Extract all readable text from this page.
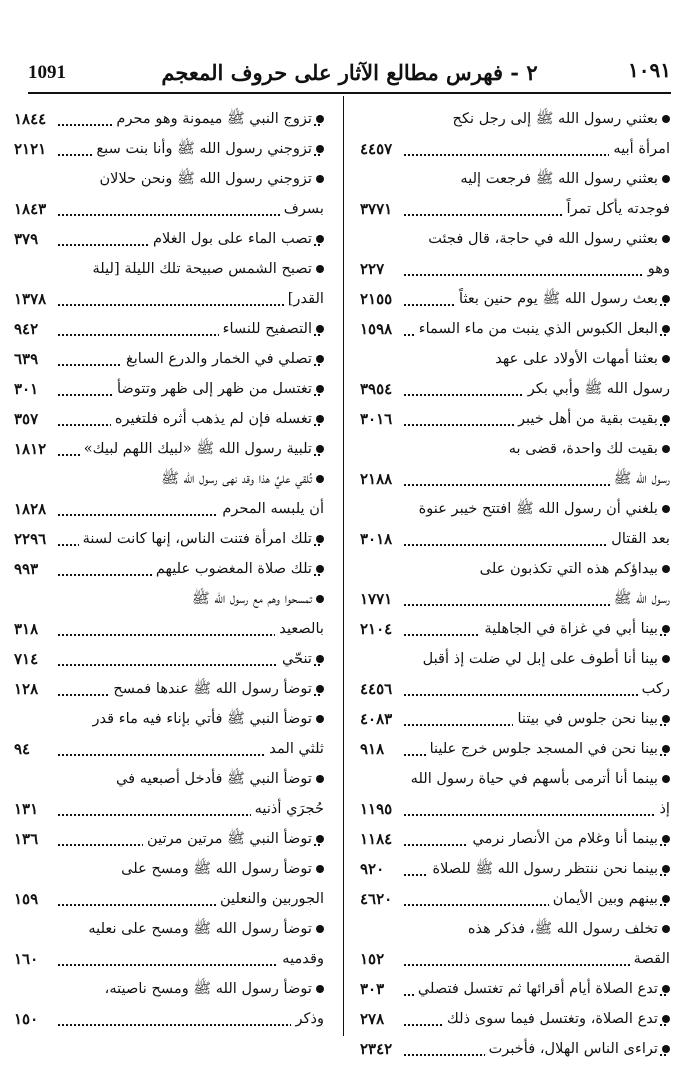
1091	٢ - فهرس مطالع الآثار على حروف المعجم	١٠٩١
بعثني رسول الله ﷺ إلى رجل نكح
امرأة أبيه
٤٤٥٧
بعثني رسول الله ﷺ فرجعت إليه
فوجدته يأكل تمراً
٣٧٧١
بعثني رسول الله في حاجة، قال فجئت
وهو
٢٢٧
بعث رسول الله ﷺ يوم حنين بعثاً
٢١٥٥
البعل الكبوس الذي ينبت من ماء السماء
١٥٩٨
بعثنا أمهات الأولاد على عهد
رسول الله ﷺ وأبي بكر
٣٩٥٤
بقيت بقية من أهل خيبر
٣٠١٦
بقيت لك واحدة، قضى به
رسول الله ﷺ
٢١٨٨
بلغني أن رسول الله ﷺ افتتح خيبر عنوة
بعد القتال
٣٠١٨
بيداؤكم هذه التي تكذبون على
رسول الله ﷺ
١٧٧١
بينا أبي في غزاة في الجاهلية
٢١٠٤
بينا أنا أطوف على إبل لي ضلت إذ أقبل
ركب
٤٤٥٦
بينا نحن جلوس في بيتنا
٤٠٨٣
بينا نحن في المسجد جلوس خرج علينا
٩١٨
بينما أنا أترمى بأسهم في حياة رسول الله
إذ
١١٩٥
بينما أنا وغلام من الأنصار نرمي
١١٨٤
بينما نحن ننتظر رسول الله ﷺ للصلاة
٩٢٠
بينهم وبين الأيمان
٤٦٢٠
تخلف رسول الله ﷺ، فذكر هذه
القصة
١٥٢
تدع الصلاة أيام أقرائها ثم تغتسل فتصلي
٣٠٣
تدع الصلاة، وتغتسل فيما سوى ذلك
٢٧٨
تراءى الناس الهلال، فأخبرت
٢٣٤٢
تزوج النبي ﷺ ميمونة وهو محرم
١٨٤٤
تزوجني رسول الله ﷺ وأنا بنت سبع
٢١٢١
تزوجني رسول الله ﷺ ونحن حلالان
بسرف
١٨٤٣
تصب الماء على بول الغلام
٣٧٩
تصبح الشمس صبيحة تلك الليلة [ليلة
القدر]
١٣٧٨
التصفيح للنساء
٩٤٢
تصلي في الخمار والدرع السابغ
٦٣٩
تغتسل من ظهر إلى ظهر وتتوضأ
٣٠١
تغسله فإن لم يذهب أثره فلتغيره
٣٥٧
تلبية رسول الله ﷺ «لبيك اللهم لبيك»
١٨١٢
تُلقي عليَّ هذا وقد نهى رسول الله ﷺ
أن يلبسه المحرم
١٨٢٨
تلك امرأة فتنت الناس، إنها كانت لسنة
٢٢٩٦
تلك صلاة المغضوب عليهم
٩٩٣
تمسحوا وهم مع رسول الله ﷺ
بالصعيد
٣١٨
تنحّي
٧١٤
توضأ رسول الله ﷺ عندها فمسح
١٢٨
توضأ النبي ﷺ فأتي بإناء فيه ماء قدر
ثلثي المد
٩٤
توضأ النبي ﷺ فأدخل أصبعيه في
حُجرَي أذنيه
١٣١
توضأ النبي ﷺ مرتين مرتين
١٣٦
توضأ رسول الله ﷺ ومسح على
الجوربين والنعلين
١٥٩
توضأ رسول الله ﷺ ومسح على نعليه
وقدميه
١٦٠
توضأ رسول الله ﷺ ومسح ناصيته،
وذكر
١٥٠
